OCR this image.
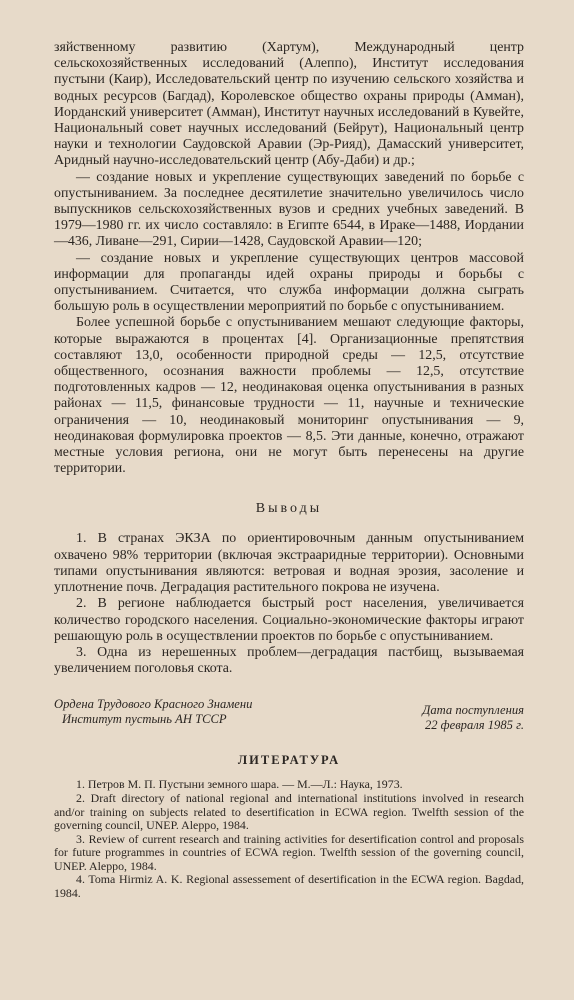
зяйственному развитию (Хартум), Международный центр сельскохозяйственных исследований (Алеппо), Институт исследования пустыни (Каир), Исследовательский центр по изучению сельского хозяйства и водных ресурсов (Багдад), Королевское общество охраны природы (Амман), Иорданский университет (Амман), Институт научных исследований в Кувейте, Национальный совет научных исследований (Бейрут), Национальный центр науки и технологии Саудовской Аравии (Эр-Рияд), Дамасский университет, Аридный научно-исследовательский центр (Абу-Даби) и др.;

— создание новых и укрепление существующих заведений по борьбе с опустыниванием. За последнее десятилетие значительно увеличилось число выпускников сельскохозяйственных вузов и средних учебных заведений. В 1979—1980 гг. их число составляло: в Египте 6544, в Ираке—1488, Иордании—436, Ливане—291, Сирии—1428, Саудовской Аравии—120;

— создание новых и укрепление существующих центров массовой информации для пропаганды идей охраны природы и борьбы с опустыниванием. Считается, что служба информации должна сыграть большую роль в осуществлении мероприятий по борьбе с опустыниванием.

Более успешной борьбе с опустыниванием мешают следующие факторы, которые выражаются в процентах [4]. Организационные препятствия составляют 13,0, особенности природной среды — 12,5, отсутствие общественного, осознания важности проблемы — 12,5, отсутствие подготовленных кадров — 12, неодинаковая оценка опустынивания в разных районах — 11,5, финансовые трудности — 11, научные и технические ограничения — 10, неодинаковый мониторинг опустынивания — 9, неодинаковая формулировка проектов — 8,5. Эти данные, конечно, отражают местные условия региона, они не могут быть перенесены на другие территории.

Выводы

1. В странах ЭКЗА по ориентировочным данным опустыниванием охвачено 98% территории (включая экстрааридные территории). Основными типами опустынивания являются: ветровая и водная эрозия, засоление и уплотнение почв. Деградация растительного покрова не изучена.

2. В регионе наблюдается быстрый рост населения, увеличивается количество городского населения. Социально-экономические факторы играют решающую роль в осуществлении проектов по борьбе с опустыниванием.

3. Одна из нерешенных проблем—деградация пастбищ, вызываемая увеличением поголовья скота.

Ордена Трудового Красного Знамени
Институт пустынь АН ТССР
Дата поступления
22 февраля 1985 г.
ЛИТЕРАТУРА

1. Петров М. П. Пустыни земного шара. — М.—Л.: Наука, 1973.

2. Draft directory of national regional and international institutions involved in research and/or training on subjects related to desertification in ECWA region. Twelfth session of the governing council, UNEP. Aleppo, 1984.

3. Review of current research and training activities for desertification control and proposals for future programmes in countries of ECWA region. Twelfth session of the governing council, UNEP. Aleppo, 1984.

4. Toma Hirmiz A. K. Regional assessement of desertification in the ECWA region. Bagdad, 1984.
